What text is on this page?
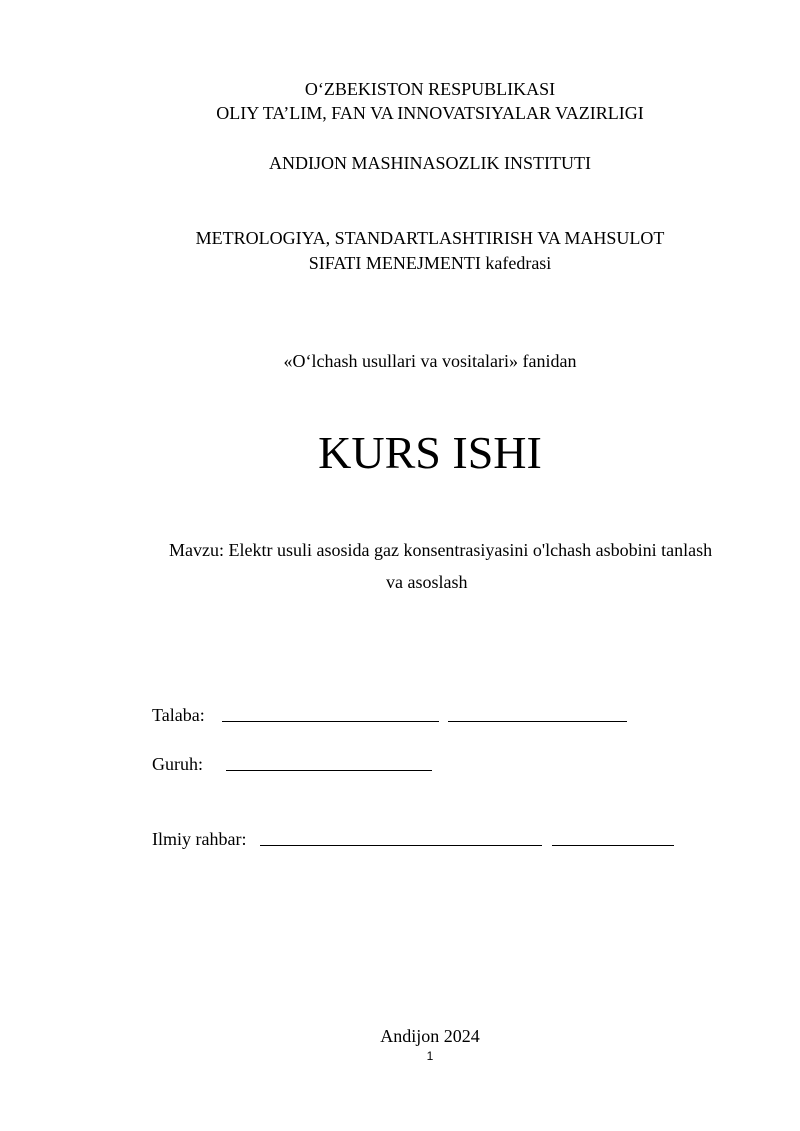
O‘ZBEKISTON RESPUBLIKASI
OLIY TA’LIM, FAN VA INNOVATSIYALAR VAZIRLIGI
ANDIJON MASHINASOZLIK INSTITUTI
METROLOGIYA, STANDARTLASHTIRISH VA MAHSULOT
SIFATI MENEJMENTI kafedrasi
«O‘lchash usullari va vositalari» fanidan
KURS ISHI
Mavzu: Elektr usuli asosida gaz konsentrasiyasini o'lchash asbobini tanlash
va asoslash
Talaba:
Guruh:
Ilmiy rahbar:
Andijon 2024
1
